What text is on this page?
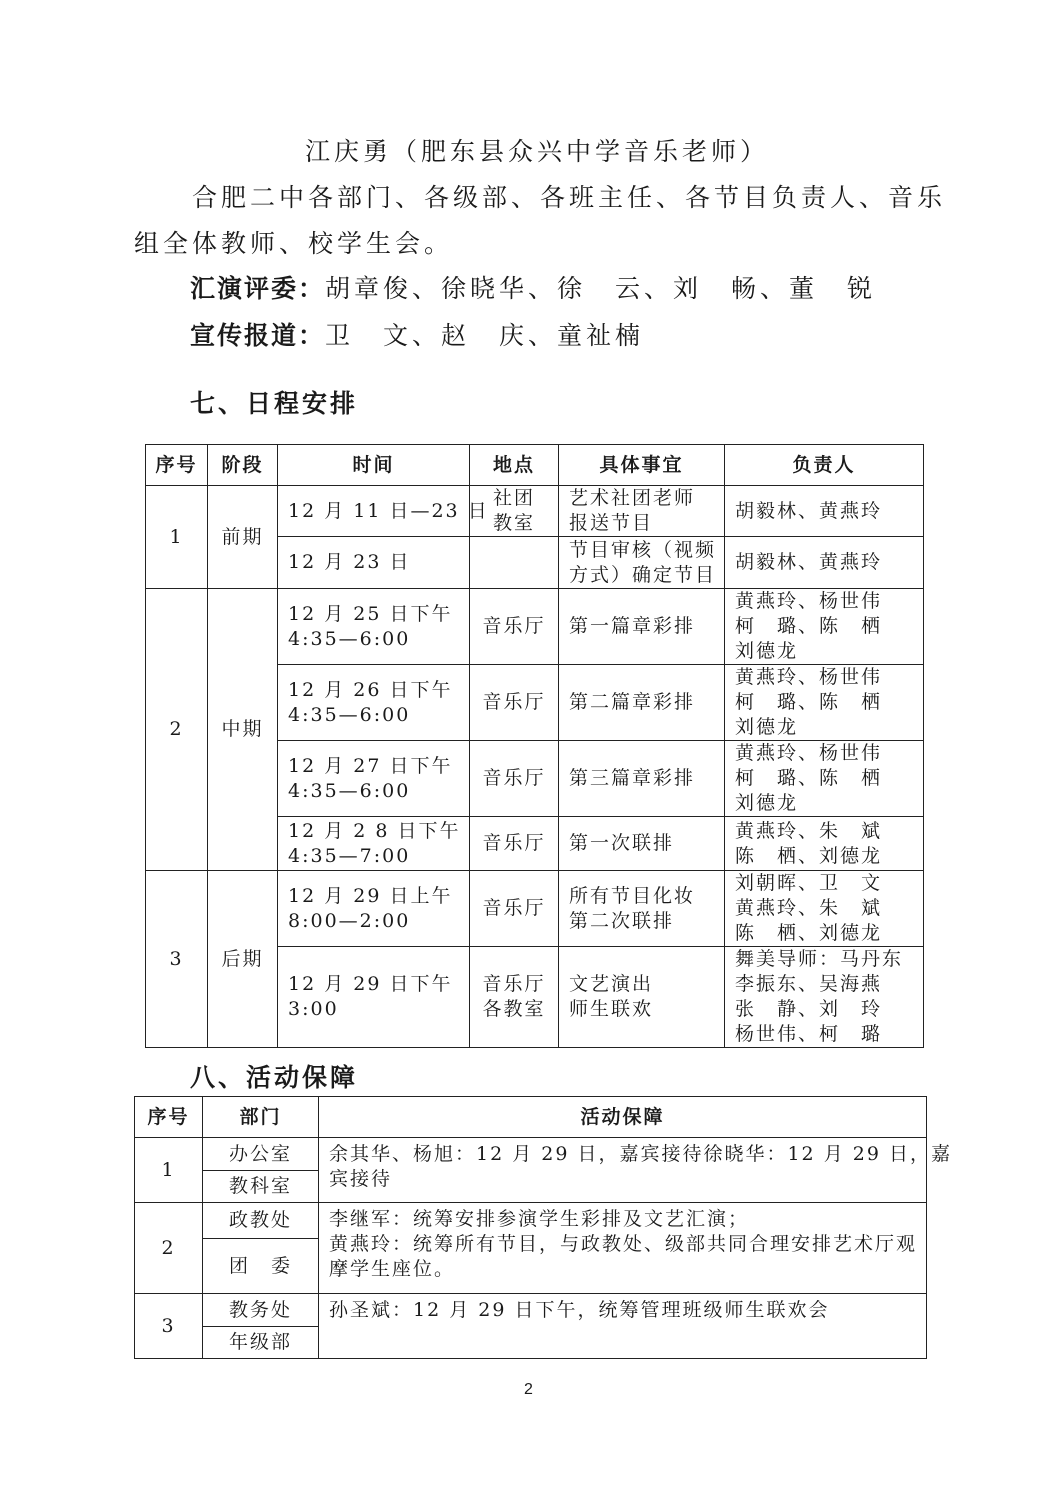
江庆勇（肥东县众兴中学音乐老师）
合肥二中各部门、各级部、各班主任、各节目负责人、音乐
组全体教师、校学生会。
汇演评委：胡章俊、徐晓华、徐　云、刘　畅、董　锐
宣传报道：卫　文、赵　庆、童祉楠
七、日程安排
序号	阶段	时间	地点	具体事宜	负责人
1	前期	12 月 11 日—23 日	社团
教室	艺术社团老师
报送节目	胡毅林、黄燕玲

		12 月 23 日		节目审核（视频
方式）确定节目	胡毅林、黄燕玲

2	中期	12 月 25 日下午
4:35—6:00	音乐厅	第一篇章彩排	黄燕玲、杨世伟
柯　璐、陈　栖
刘德龙

		12 月 26 日下午
4:35—6:00	音乐厅	第二篇章彩排	黄燕玲、杨世伟
柯　璐、陈　栖
刘德龙

		12 月 27 日下午
4:35—6:00	音乐厅	第三篇章彩排	黄燕玲、杨世伟
柯　璐、陈　栖
刘德龙

		12 月 2 8 日下午
4:35—7:00	音乐厅	第一次联排	黄燕玲、朱　斌
陈　栖、刘德龙

3	后期	12 月 29 日上午
8:00—2:00	音乐厅	所有节目化妆
第二次联排	刘朝晖、卫　文
黄燕玲、朱　斌
陈　栖、刘德龙

		12 月 29 日下午
3:00	音乐厅
各教室	文艺演出
师生联欢	舞美导师：马丹东
李振东、吴海燕
张　静、刘　玲
杨世伟、柯　璐
八、活动保障
序号	部门	活动保障
1	办公室	余其华、杨旭：12 月 29 日，嘉宾接待徐晓华：12 月 29 日，嘉
宾接待

	教科室	
2	政教处	李继军：统筹安排参演学生彩排及文艺汇演；
黄燕玲：统筹所有节目，与政教处、级部共同合理安排艺术厅观
摩学生座位。

	团　委	
3	教务处	孙圣斌：12 月 29 日下午，统筹管理班级师生联欢会

	年级部	
2
